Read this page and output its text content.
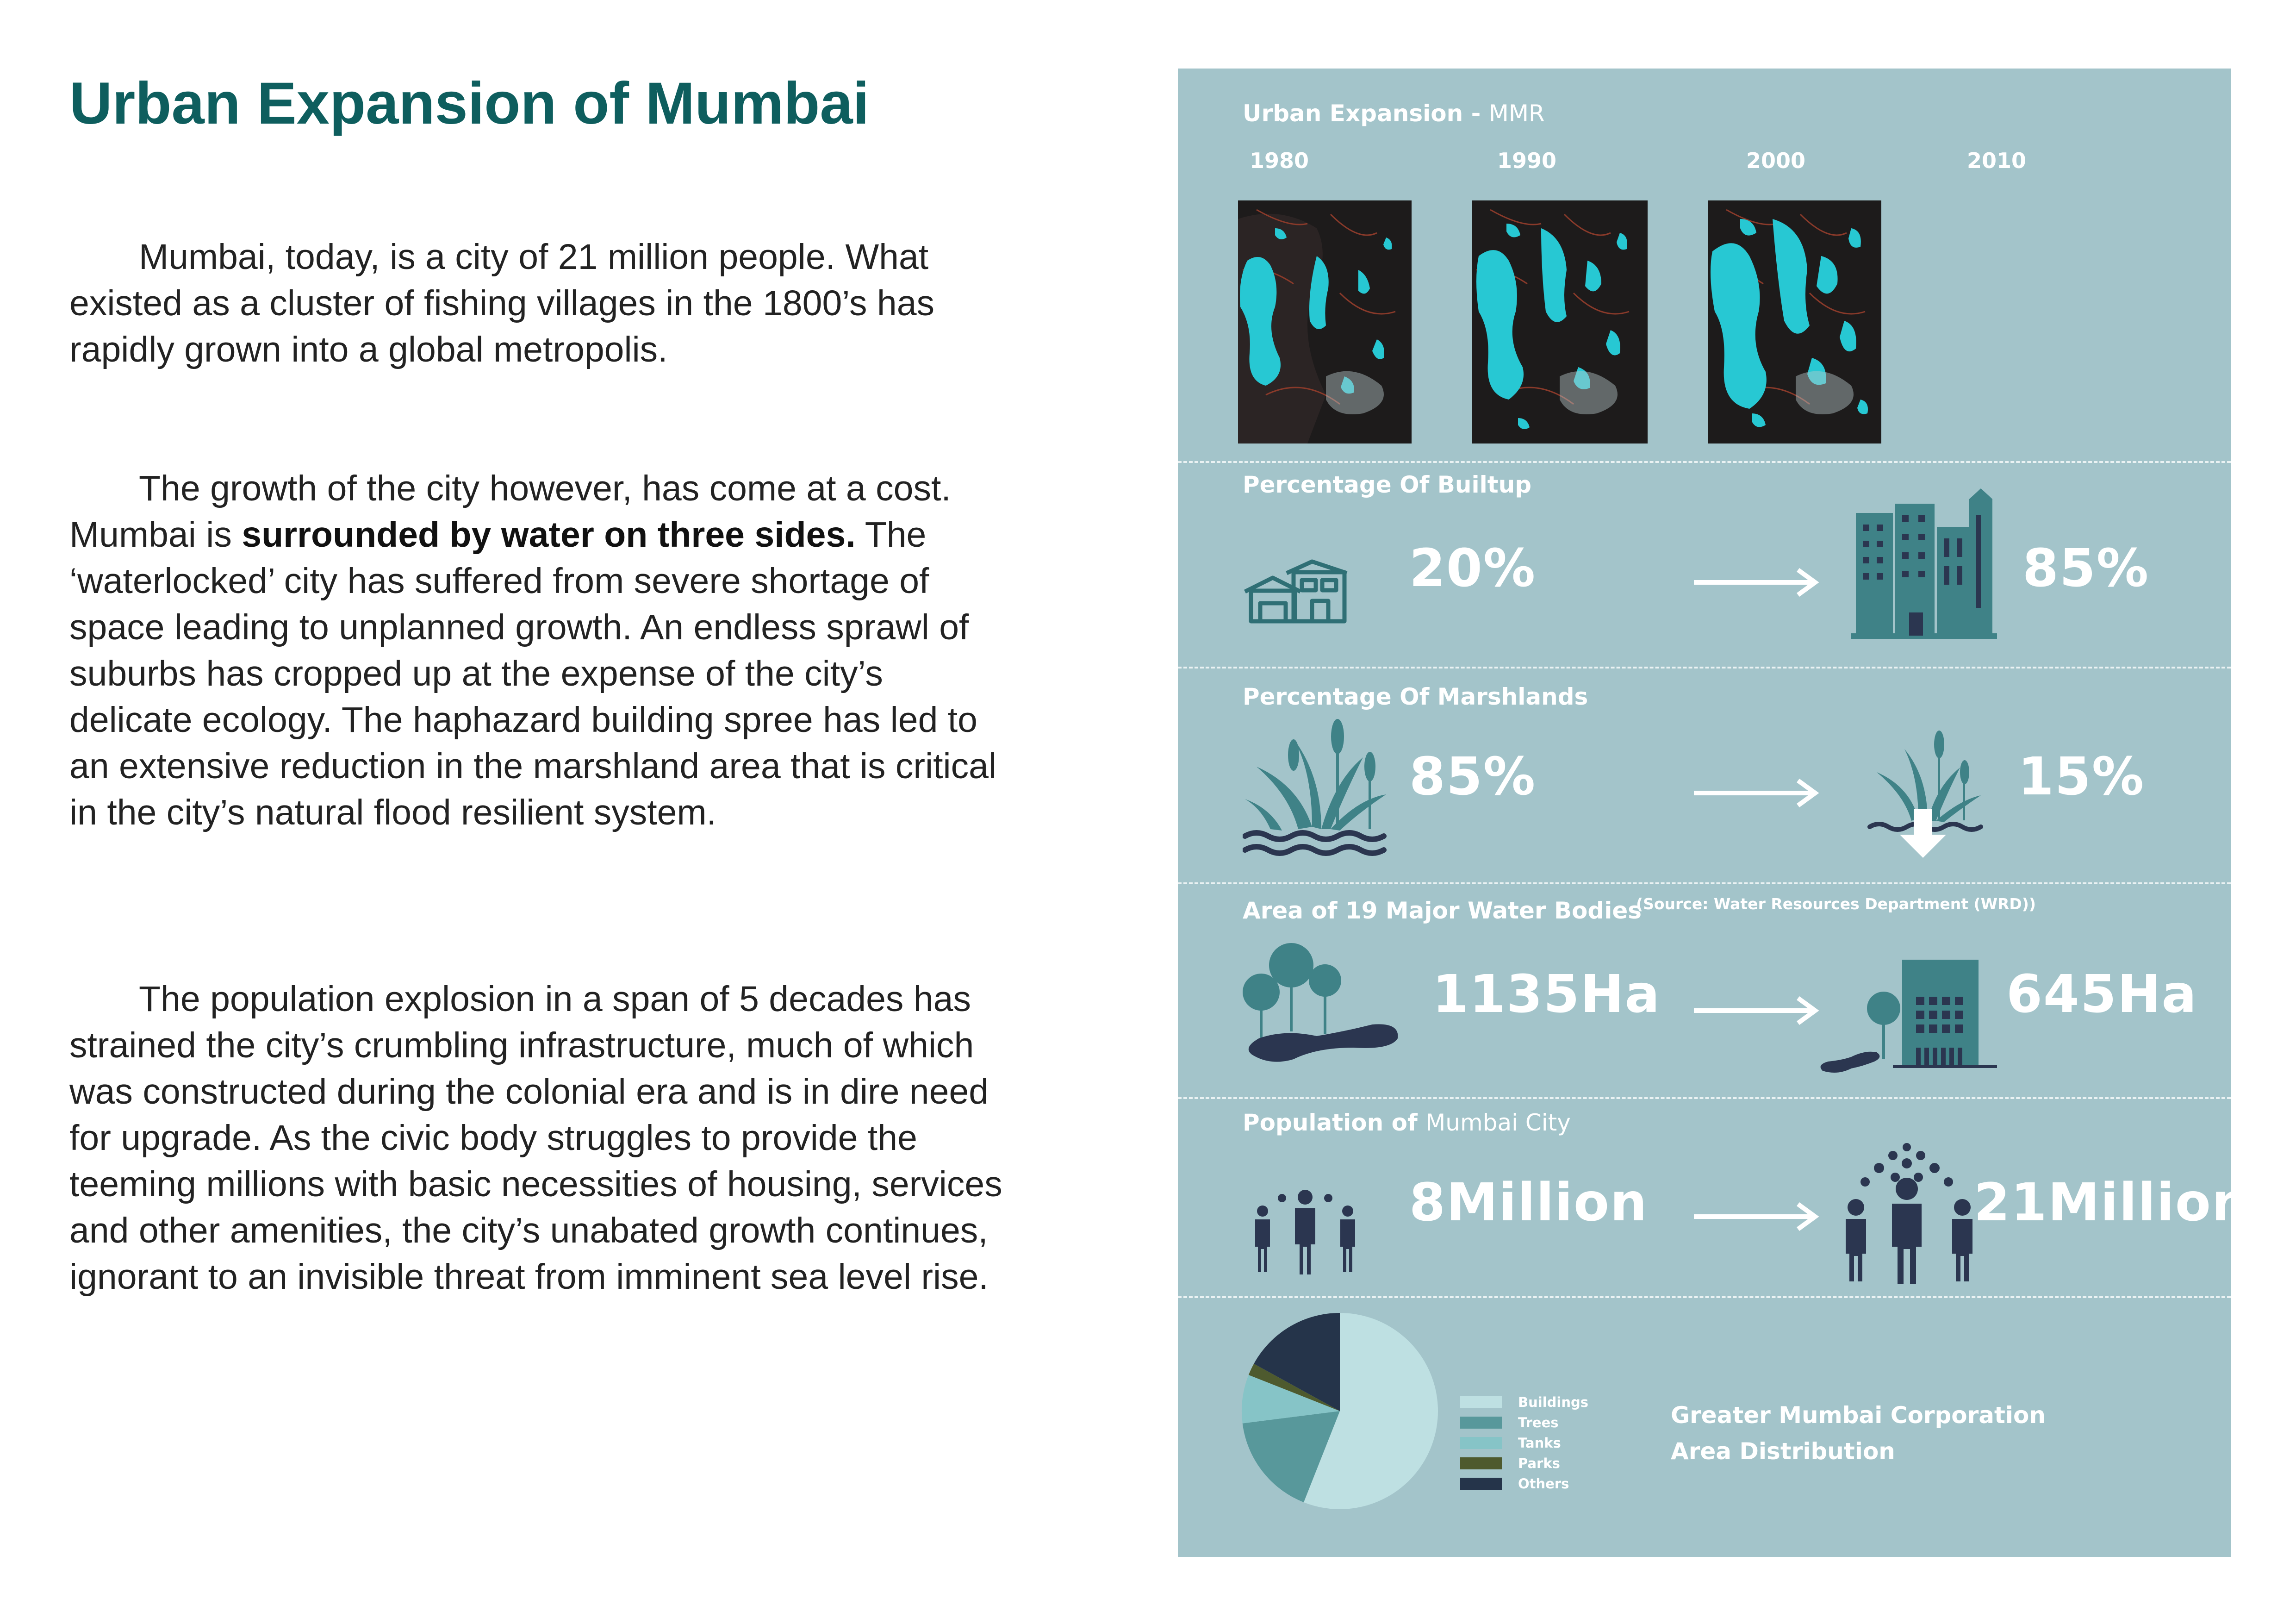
Urban Expansion of Mumbai

Mumbai, today, is a city of 21 million people. What existed as a cluster of fishing villages in the 1800’s has rapidly grown into a global metropolis.

The growth of the city however, has come at a cost. Mumbai is surrounded by water on three sides. The ‘waterlocked’ city has suffered from severe shortage of space leading to unplanned growth. An endless sprawl of suburbs has cropped up at the expense of the city’s delicate ecology. The haphazard building spree has led to an extensive reduction in the marshland area that is critical in the city’s natural flood resilient system.

The population explosion in a span of 5 decades has strained the city’s crumbling infrastructure, much of which was constructed during the colonial era and is in dire need for upgrade. As the civic body struggles to provide the teeming millions with basic necessities of housing, services and other amenities, the city’s unabated growth continues, ignorant to an invisible threat from imminent sea level rise.

Urban Expansion - MMR
1980	1990	2000	2010
Percentage Of Builtup
20%	85%
Percentage Of Marshlands
85%	15%
Area of 19 Major Water Bodies
(Source: Water Resources Department (WRD))
1135Ha	645Ha
Population of Mumbai City
8Million	21Million
Buildings
Trees
Tanks
Parks
Others
Greater Mumbai Corporation
Area Distribution
